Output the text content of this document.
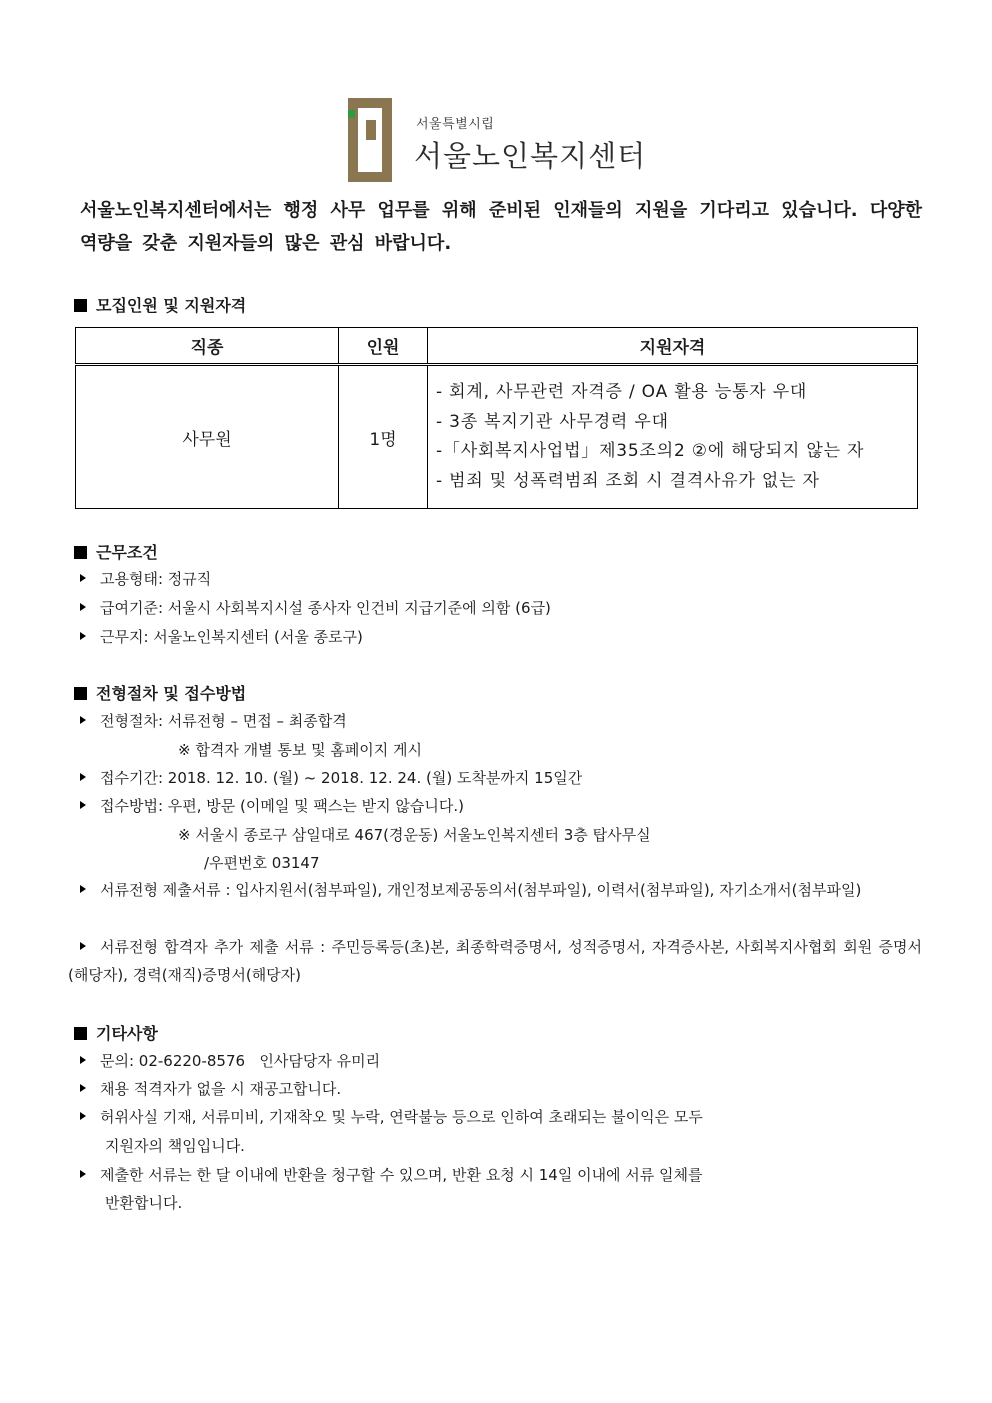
서울특별시립
서울노인복지센터
서울노인복지센터에서는 행정 사무 업무를 위해 준비된 인재들의 지원을 기다리고 있습니다. 다양한 역량을 갖춘 지원자들의 많은 관심 바랍니다.
모집인원 및 지원자격
직종	인원	지원자격
사무원	1명	- 회계, 사무관련 자격증 / OA 활용 능통자 우대
- 3종 복지기관 사무경력 우대
-「사회복지사업법」제35조의2 ②에 해당되지 않는 자
- 범죄 및 성폭력범죄 조회 시 결격사유가 없는 자
근무조건
고용형태: 정규직
급여기준: 서울시 사회복지시설 종사자 인건비 지급기준에 의함 (6급)
근무지: 서울노인복지센터 (서울 종로구)
전형절차 및 접수방법
전형절차: 서류전형 – 면접 – 최종합격
※ 합격자 개별 통보 및 홈페이지 게시
접수기간: 2018. 12. 10. (월) ~ 2018. 12. 24. (월) 도착분까지 15일간
접수방법: 우편, 방문 (이메일 및 팩스는 받지 않습니다.)
※ 서울시 종로구 삼일대로 467(경운동) 서울노인복지센터 3층 탑사무실
/우편번호 03147
서류전형 제출서류 : 입사지원서(첨부파일), 개인정보제공동의서(첨부파일), 이력서(첨부파일), 자기소개서(첨부파일)
서류전형 합격자 추가 제출 서류 : 주민등록등(초)본, 최종학력증명서, 성적증명서, 자격증사본, 사회복지사협회 회원 증명서(해당자), 경력(재직)증명서(해당자)
기타사항
문의: 02-6220-8576   인사담당자 유미리
채용 적격자가 없을 시 재공고합니다.
허위사실 기재, 서류미비, 기재착오 및 누락, 연락불능 등으로 인하여 초래되는 불이익은 모두
지원자의 책임입니다.
제출한 서류는 한 달 이내에 반환을 청구할 수 있으며, 반환 요청 시 14일 이내에 서류 일체를
반환합니다.
